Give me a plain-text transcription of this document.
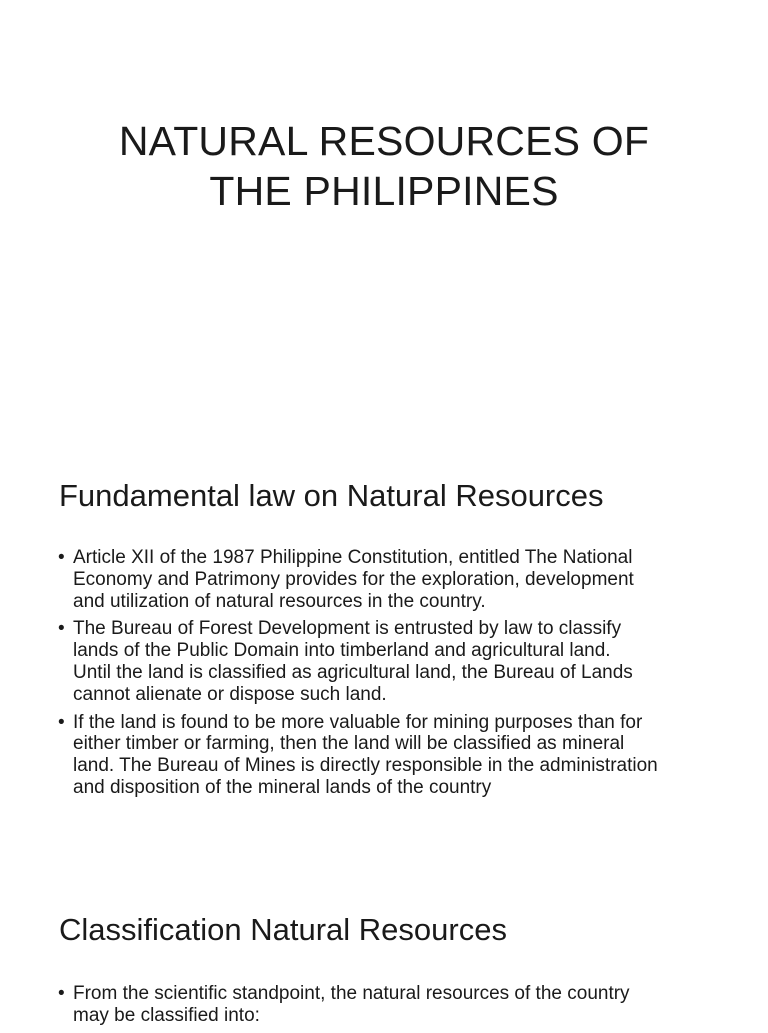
NATURAL RESOURCES OF
THE PHILIPPINES
Fundamental law on Natural Resources
• Article XII of the 1987 Philippine Constitution, entitled The National
Economy and Patrimony provides for the exploration, development
and utilization of natural resources in the country.
• The Bureau of Forest Development is entrusted by law to classify
lands of the Public Domain into timberland and agricultural land.
Until the land is classified as agricultural land, the Bureau of Lands
cannot alienate or dispose such land.
• If the land is found to be more valuable for mining purposes than for
either timber or farming, then the land will be classified as mineral
land. The Bureau of Mines is directly responsible in the administration
and disposition of the mineral lands of the country
Classification Natural Resources
• From the scientific standpoint, the natural resources of the country
may be classified into:
